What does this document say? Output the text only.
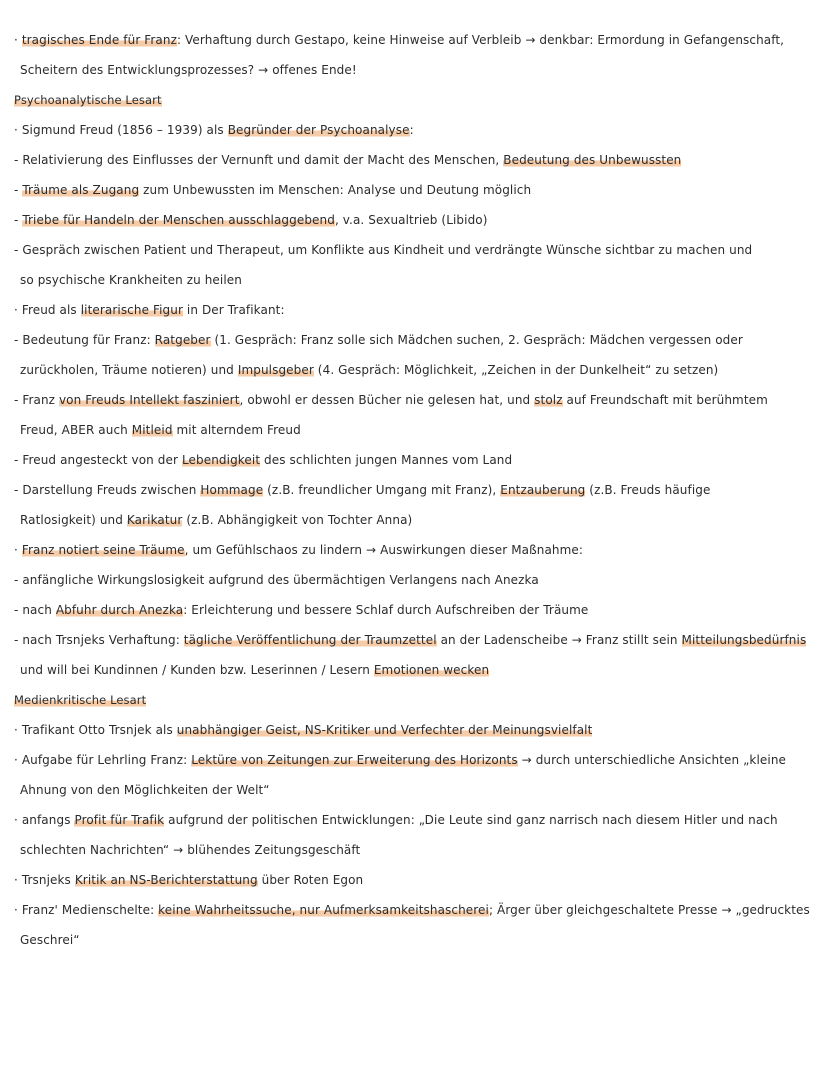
· tragisches Ende für Franz: Verhaftung durch Gestapo, keine Hinweise auf Verbleib → denkbar: Ermordung in Gefangenschaft,
Scheitern des Entwicklungsprozesses? → offenes Ende!
Psychoanalytische Lesart
· Sigmund Freud (1856 – 1939) als Begründer der Psychoanalyse:
- Relativierung des Einflusses der Vernunft und damit der Macht des Menschen, Bedeutung des Unbewussten
- Träume als Zugang zum Unbewussten im Menschen: Analyse und Deutung möglich
- Triebe für Handeln der Menschen ausschlaggebend, v.a. Sexualtrieb (Libido)
- Gespräch zwischen Patient und Therapeut, um Konflikte aus Kindheit und verdrängte Wünsche sichtbar zu machen und
so psychische Krankheiten zu heilen
· Freud als literarische Figur in Der Trafikant:
- Bedeutung für Franz: Ratgeber (1. Gespräch: Franz solle sich Mädchen suchen, 2. Gespräch: Mädchen vergessen oder
zurückholen, Träume notieren) und Impulsgeber (4. Gespräch: Möglichkeit, „Zeichen in der Dunkelheit“ zu setzen)
- Franz von Freuds Intellekt fasziniert, obwohl er dessen Bücher nie gelesen hat, und stolz auf Freundschaft mit berühmtem
Freud, ABER auch Mitleid mit alterndem Freud
- Freud angesteckt von der Lebendigkeit des schlichten jungen Mannes vom Land
- Darstellung Freuds zwischen Hommage (z.B. freundlicher Umgang mit Franz), Entzauberung (z.B. Freuds häufige
Ratlosigkeit) und Karikatur (z.B. Abhängigkeit von Tochter Anna)
· Franz notiert seine Träume, um Gefühlschaos zu lindern → Auswirkungen dieser Maßnahme:
- anfängliche Wirkungslosigkeit aufgrund des übermächtigen Verlangens nach Anezka
- nach Abfuhr durch Anezka: Erleichterung und bessere Schlaf durch Aufschreiben der Träume
- nach Trsnjeks Verhaftung: tägliche Veröffentlichung der Traumzettel an der Ladenscheibe → Franz stillt sein Mitteilungsbedürfnis
und will bei Kundinnen / Kunden bzw. Leserinnen / Lesern Emotionen wecken
Medienkritische Lesart
· Trafikant Otto Trsnjek als unabhängiger Geist, NS-Kritiker und Verfechter der Meinungsvielfalt
· Aufgabe für Lehrling Franz: Lektüre von Zeitungen zur Erweiterung des Horizonts → durch unterschiedliche Ansichten „kleine
Ahnung von den Möglichkeiten der Welt“
· anfangs Profit für Trafik aufgrund der politischen Entwicklungen: „Die Leute sind ganz narrisch nach diesem Hitler und nach
schlechten Nachrichten“ → blühendes Zeitungsgeschäft
· Trsnjeks Kritik an NS-Berichterstattung über Roten Egon
· Franz' Medienschelte: keine Wahrheitssuche, nur Aufmerksamkeitshascherei; Ärger über gleichgeschaltete Presse → „gedrucktes
Geschrei“
